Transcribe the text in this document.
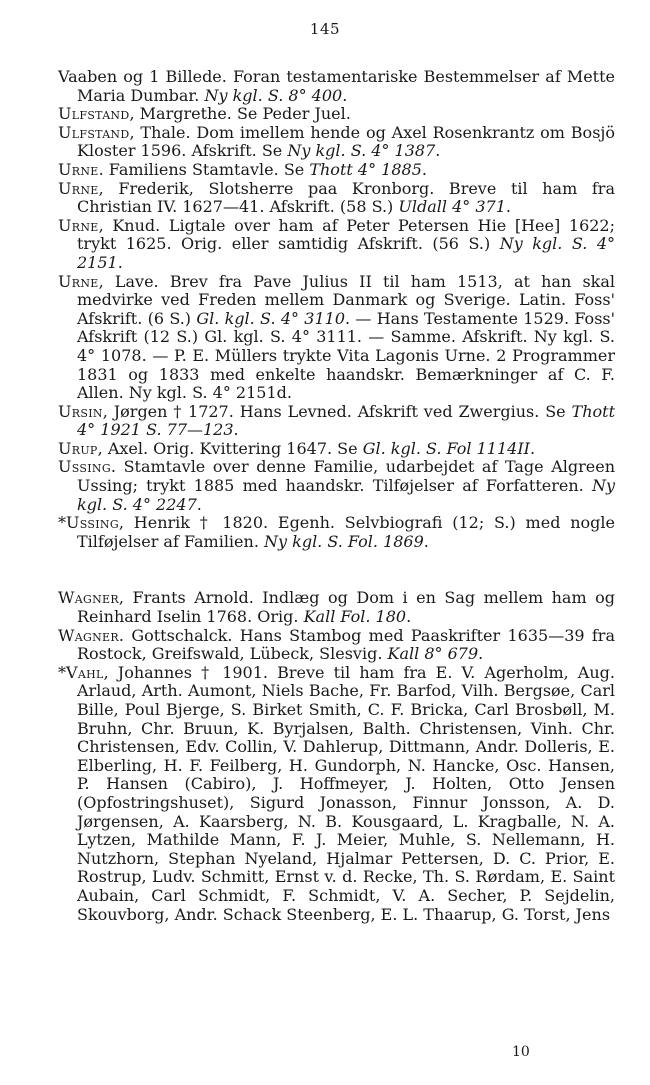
145
Vaaben og 1 Billede. Foran testamentariske Bestemmelser af Mette Maria Dumbar. Ny kgl. S. 8° 400.
Ulfstand, Margrethe. Se Peder Juel.
Ulfstand, Thale. Dom imellem hende og Axel Rosenkrantz om Bosjö Kloster 1596. Afskrift. Se Ny kgl. S. 4° 1387.
Urne. Familiens Stamtavle. Se Thott 4° 1885.
Urne, Frederik, Slotsherre paa Kronborg. Breve til ham fra Christian IV. 1627—41. Afskrift. (58 S.) Uldall 4° 371.
Urne, Knud. Ligtale over ham af Peter Petersen Hie [Hee] 1622; trykt 1625. Orig. eller samtidig Afskrift. (56 S.) Ny kgl. S. 4° 2151.
Urne, Lave. Brev fra Pave Julius II til ham 1513, at han skal medvirke ved Freden mellem Danmark og Sverige. Latin. Foss' Afskrift. (6 S.) Gl. kgl. S. 4° 3110. — Hans Testamente 1529. Foss' Afskrift (12 S.) Gl. kgl. S. 4° 3111. — Samme. Afskrift. Ny kgl. S. 4° 1078. — P. E. Müllers trykte Vita Lagonis Urne. 2 Programmer 1831 og 1833 med enkelte haandskr. Bemærkninger af C. F. Allen. Ny kgl. S. 4° 2151d.
Ursin, Jørgen † 1727. Hans Levned. Afskrift ved Zwergius. Se Thott 4° 1921 S. 77—123.
Urup, Axel. Orig. Kvittering 1647. Se Gl. kgl. S. Fol 1114II.
Ussing. Stamtavle over denne Familie, udarbejdet af Tage Algreen Ussing; trykt 1885 med haandskr. Tilføjelser af Forfatteren. Ny kgl. S. 4° 2247.
*Ussing, Henrik † 1820. Egenh. Selvbiografi (12; S.) med nogle Tilføjelser af Familien. Ny kgl. S. Fol. 1869.
Wagner, Frants Arnold. Indlæg og Dom i en Sag mellem ham og Reinhard Iselin 1768. Orig. Kall Fol. 180.
Wagner. Gottschalck. Hans Stambog med Paaskrifter 1635—39 fra Rostock, Greifswald, Lübeck, Slesvig. Kall 8° 679.
*Vahl, Johannes † 1901. Breve til ham fra E. V. Agerholm, Aug. Arlaud, Arth. Aumont, Niels Bache, Fr. Barfod, Vilh. Bergsøe, Carl Bille, Poul Bjerge, S. Birket Smith, C. F. Bricka, Carl Brosbøll, M. Bruhn, Chr. Bruun, K. Byrjalsen, Balth. Christensen, Vinh. Chr. Christensen, Edv. Collin, V. Dahlerup, Dittmann, Andr. Dolleris, E. Elberling, H. F. Feilberg, H. Gundorph, N. Hancke, Osc. Hansen, P. Hansen (Cabiro), J. Hoffmeyer, J. Holten, Otto Jensen (Opfostringshuset), Sigurd Jonasson, Finnur Jonsson, A. D. Jørgensen, A. Kaarsberg, N. B. Kousgaard, L. Kragballe, N. A. Lytzen, Mathilde Mann, F. J. Meier, Muhle, S. Nellemann, H. Nutzhorn, Stephan Nyeland, Hjalmar Pettersen, D. C. Prior, E. Rostrup, Ludv. Schmitt, Ernst v. d. Recke, Th. S. Rørdam, E. Saint Aubain, Carl Schmidt, F. Schmidt, V. A. Secher, P. Sejdelin, Skouvborg, Andr. Schack Steenberg, E. L. Thaarup, G. Torst, Jens
10
